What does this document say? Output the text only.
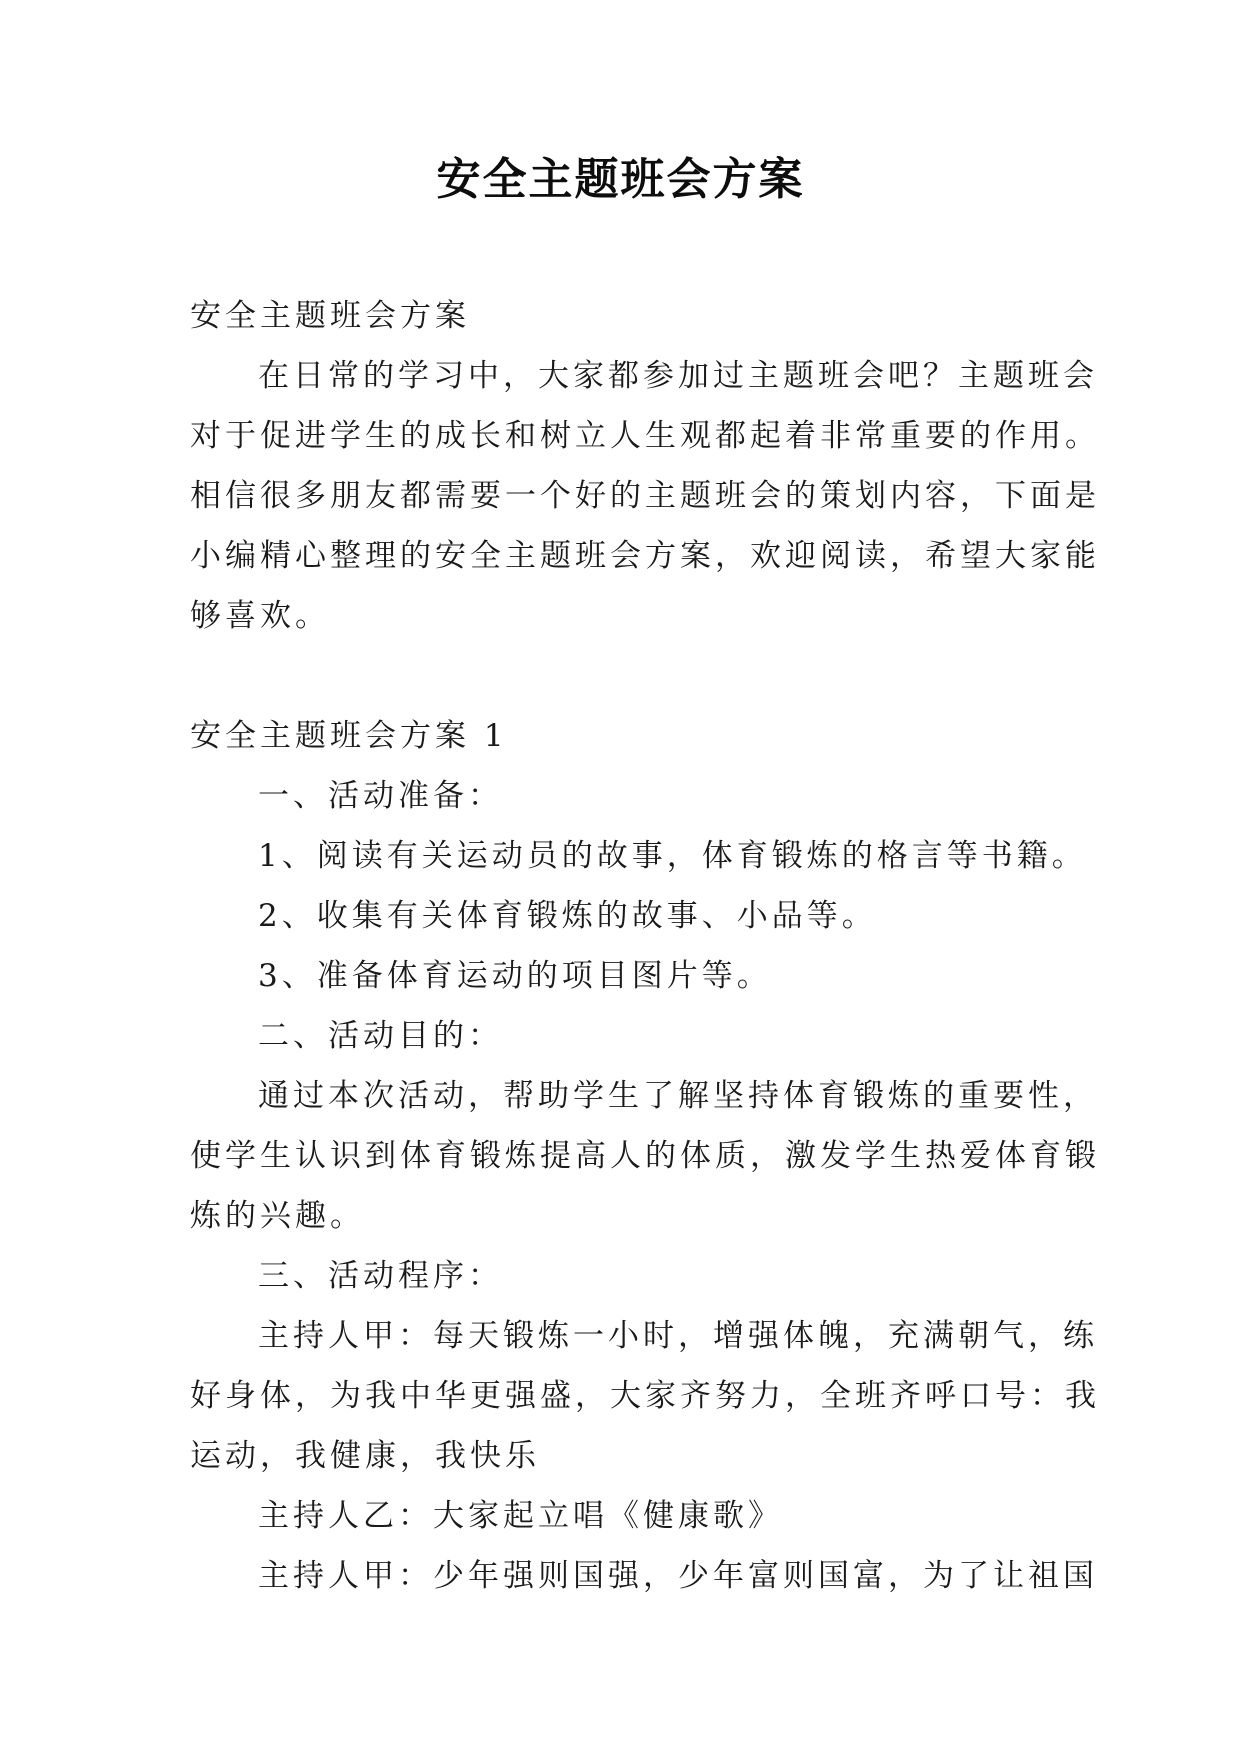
安全主题班会方案
安全主题班会方案
在日常的学习中，大家都参加过主题班会吧？主题班会
对于促进学生的成长和树立人生观都起着非常重要的作用。
相信很多朋友都需要一个好的主题班会的策划内容，下面是
小编精心整理的安全主题班会方案，欢迎阅读，希望大家能
够喜欢。
安全主题班会方案 1
一、活动准备：
1、阅读有关运动员的故事，体育锻炼的格言等书籍。
2、收集有关体育锻炼的故事、小品等。
3、准备体育运动的项目图片等。
二、活动目的：
通过本次活动，帮助学生了解坚持体育锻炼的重要性，
使学生认识到体育锻炼提高人的体质，激发学生热爱体育锻
炼的兴趣。
三、活动程序：
主持人甲：每天锻炼一小时，增强体魄，充满朝气，练
好身体，为我中华更强盛，大家齐努力，全班齐呼口号：我
运动，我健康，我快乐
主持人乙：大家起立唱《健康歌》
主持人甲：少年强则国强，少年富则国富，为了让祖国
